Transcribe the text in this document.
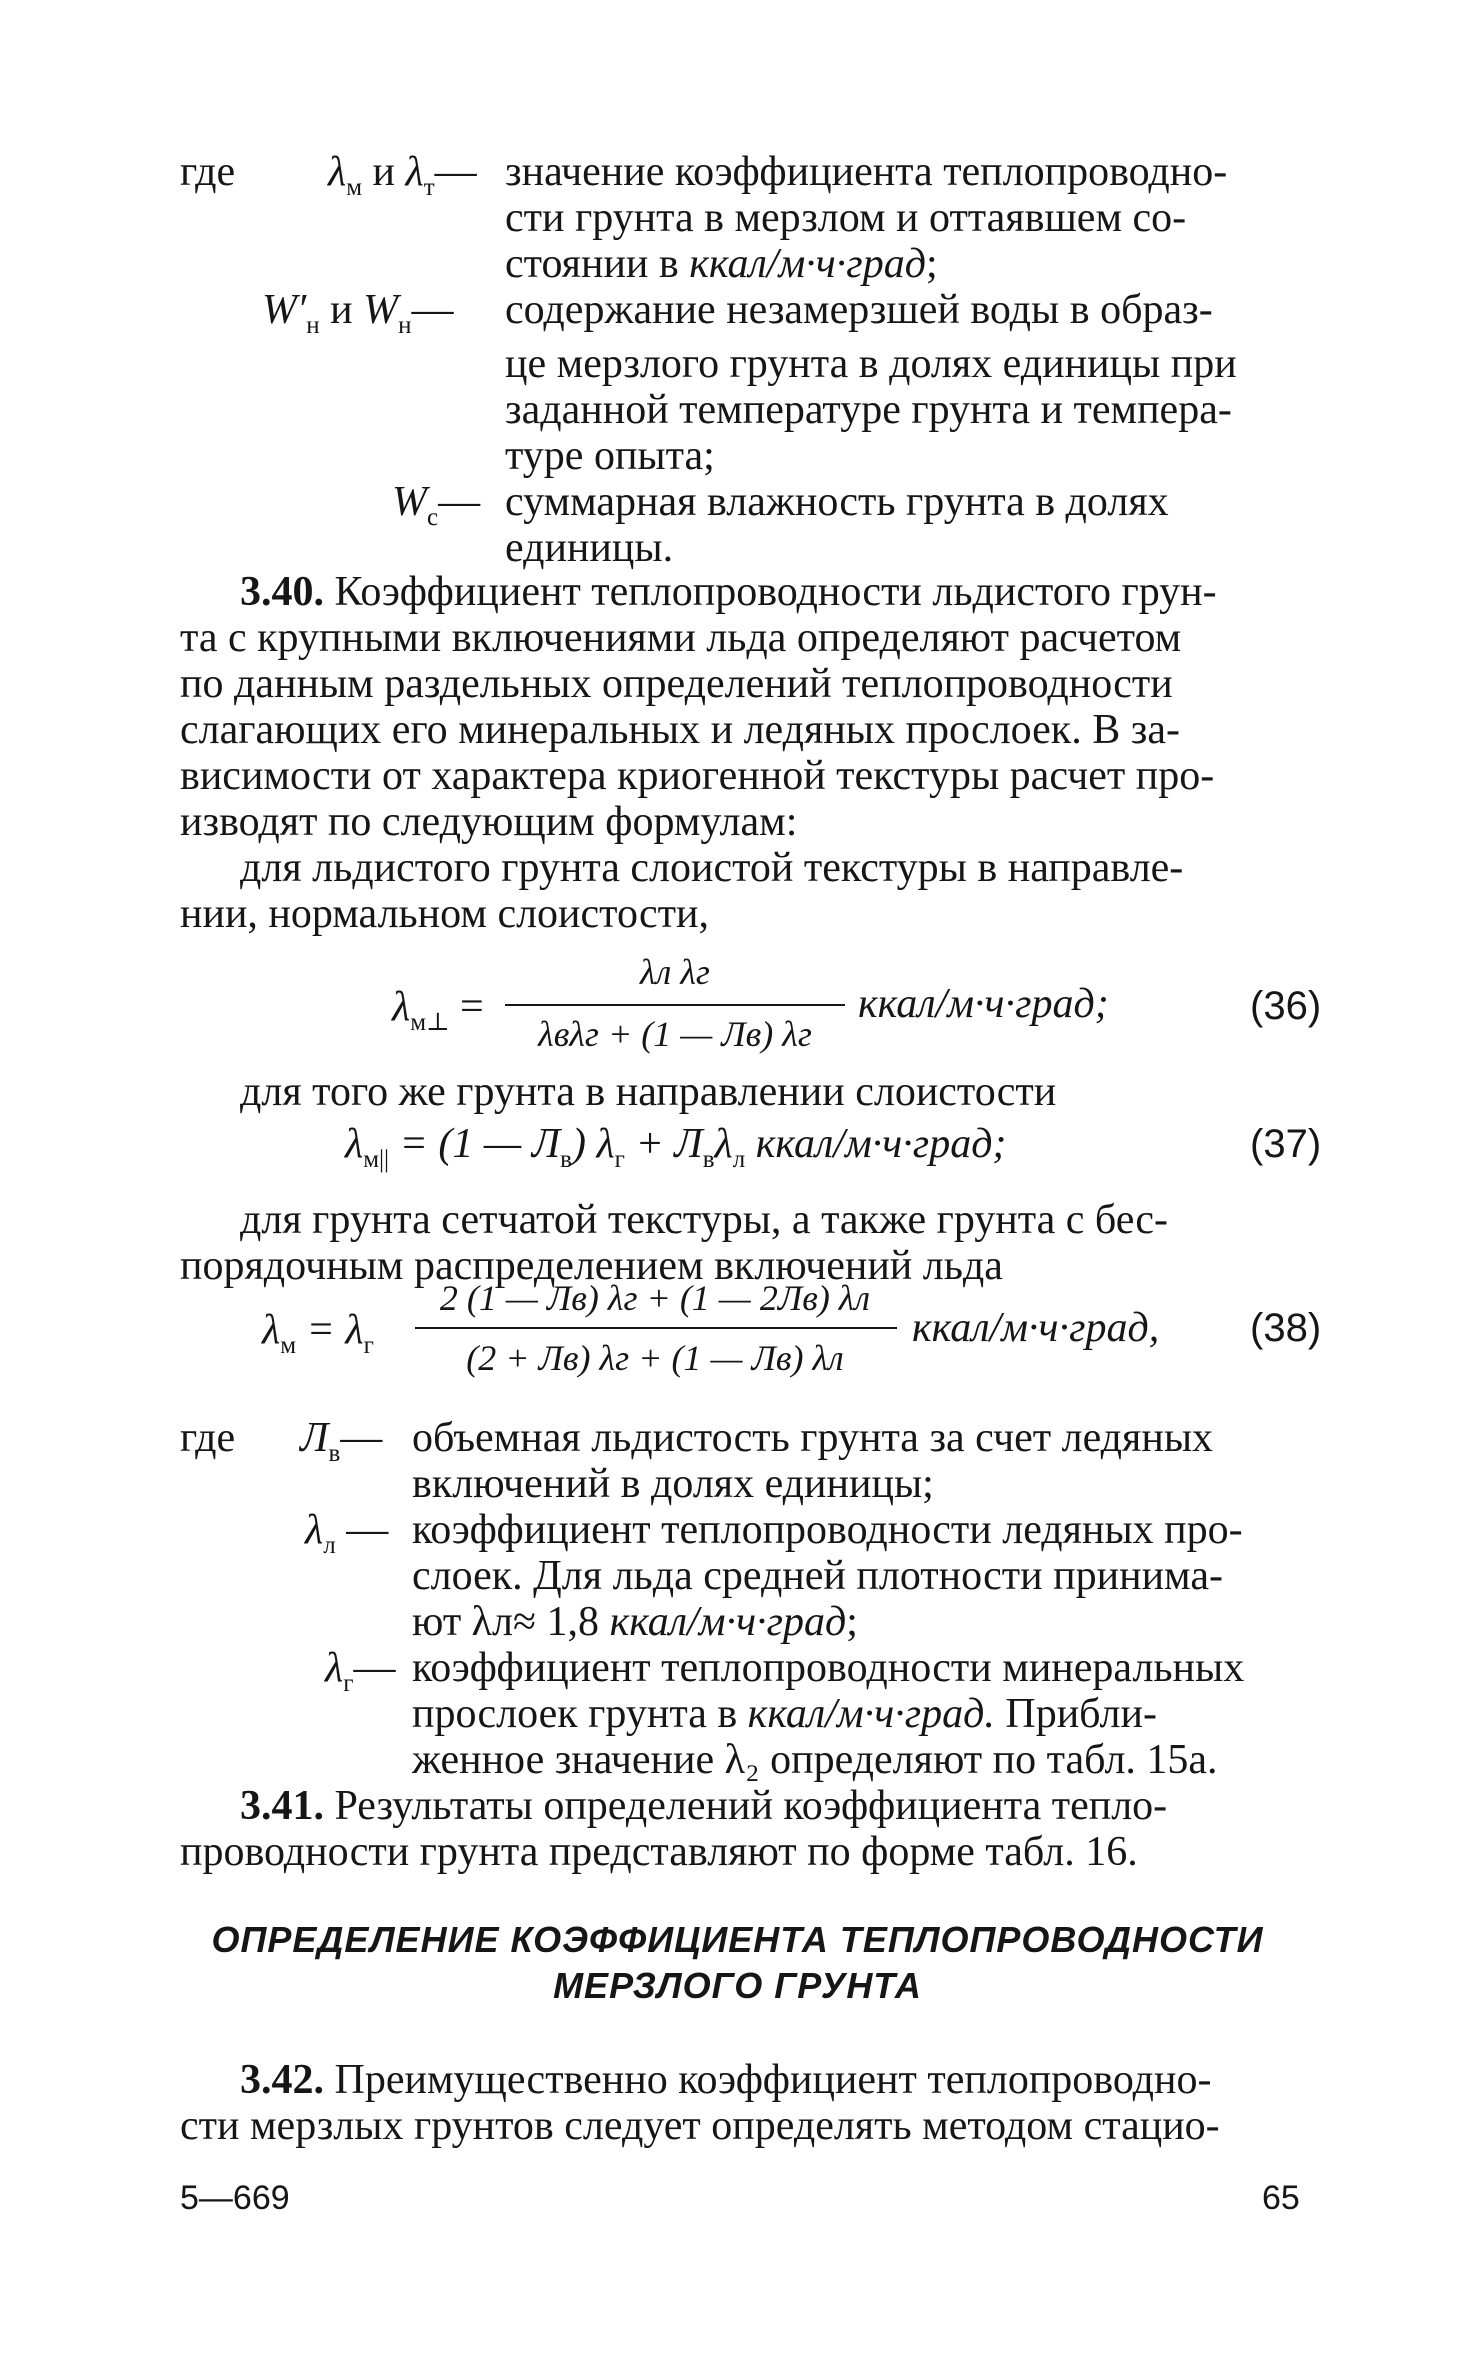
где $\lambda_м$ и $\lambda_т—$ значение коэффициента теплопроводно-
сти грунта в мерзлом и оттаявшем со-
стоянии в ккал/м·ч·град;
$W'_н$ и $W_н—$ содержание незамерзшей воды в образ-
це мерзлого грунта в долях единицы при
заданной температуре грунта и темпера-
туре опыта;
$W_с—$ суммарная влажность грунта в долях
единицы.
3.40. Коэффициент теплопроводности льдистого грун-
та с крупными включениями льда определяют расчетом
по данным раздельных определений теплопроводности
слагающих его минеральных и ледяных прослоек. В за-
висимости от характера криогенной текстуры расчет про-
изводят по следующим формулам:
для льдистого грунта слоистой текстуры в направле-
нии, нормальном слоистости,
$\lambda_{м\perp}$ =
λл λг
λвλг + (1 — Лв) λг
ккал/м·ч·град;	(36)
для того же грунта в направлении слоистости
$\lambda_{м||} = (1$ — $Л_в$) $\lambda_г + Л_в\lambda_л$ ккал/м·ч·град;	(37)
для грунта сетчатой текстуры, а также грунта с бес-
порядочным распределением включений льда
$\lambda_м = \lambda_г$
2 (1 — Лв) λг + (1 — 2Лв) λл
(2 + Лв) λг + (1 — Лв) λл
ккал/м·ч·град, (38)
где $Л_в—$ объемная льдистость грунта за счет ледяных
включений в долях единицы;
$\lambda_л$ — коэффициент теплопроводности ледяных про-
слоек. Для льда средней плотности принима-
ют λл≈ 1,8 ккал/м·ч·град;
$\lambda_г—$ коэффициент теплопроводности минеральных
прослоек грунта в ккал/м·ч·град. Прибли-
женное значение λ₂ определяют по табл. 15а.
3.41. Результаты определений коэффициента тепло-
проводности грунта представляют по форме табл. 16.
ОПРЕДЕЛЕНИЕ КОЭФФИЦИЕНТА ТЕПЛОПРОВОДНОСТИ
МЕРЗЛОГО ГРУНТА
3.42. Преимущественно коэффициент теплопроводно-
сти мерзлых грунтов следует определять методом стацио-
5—669	65
